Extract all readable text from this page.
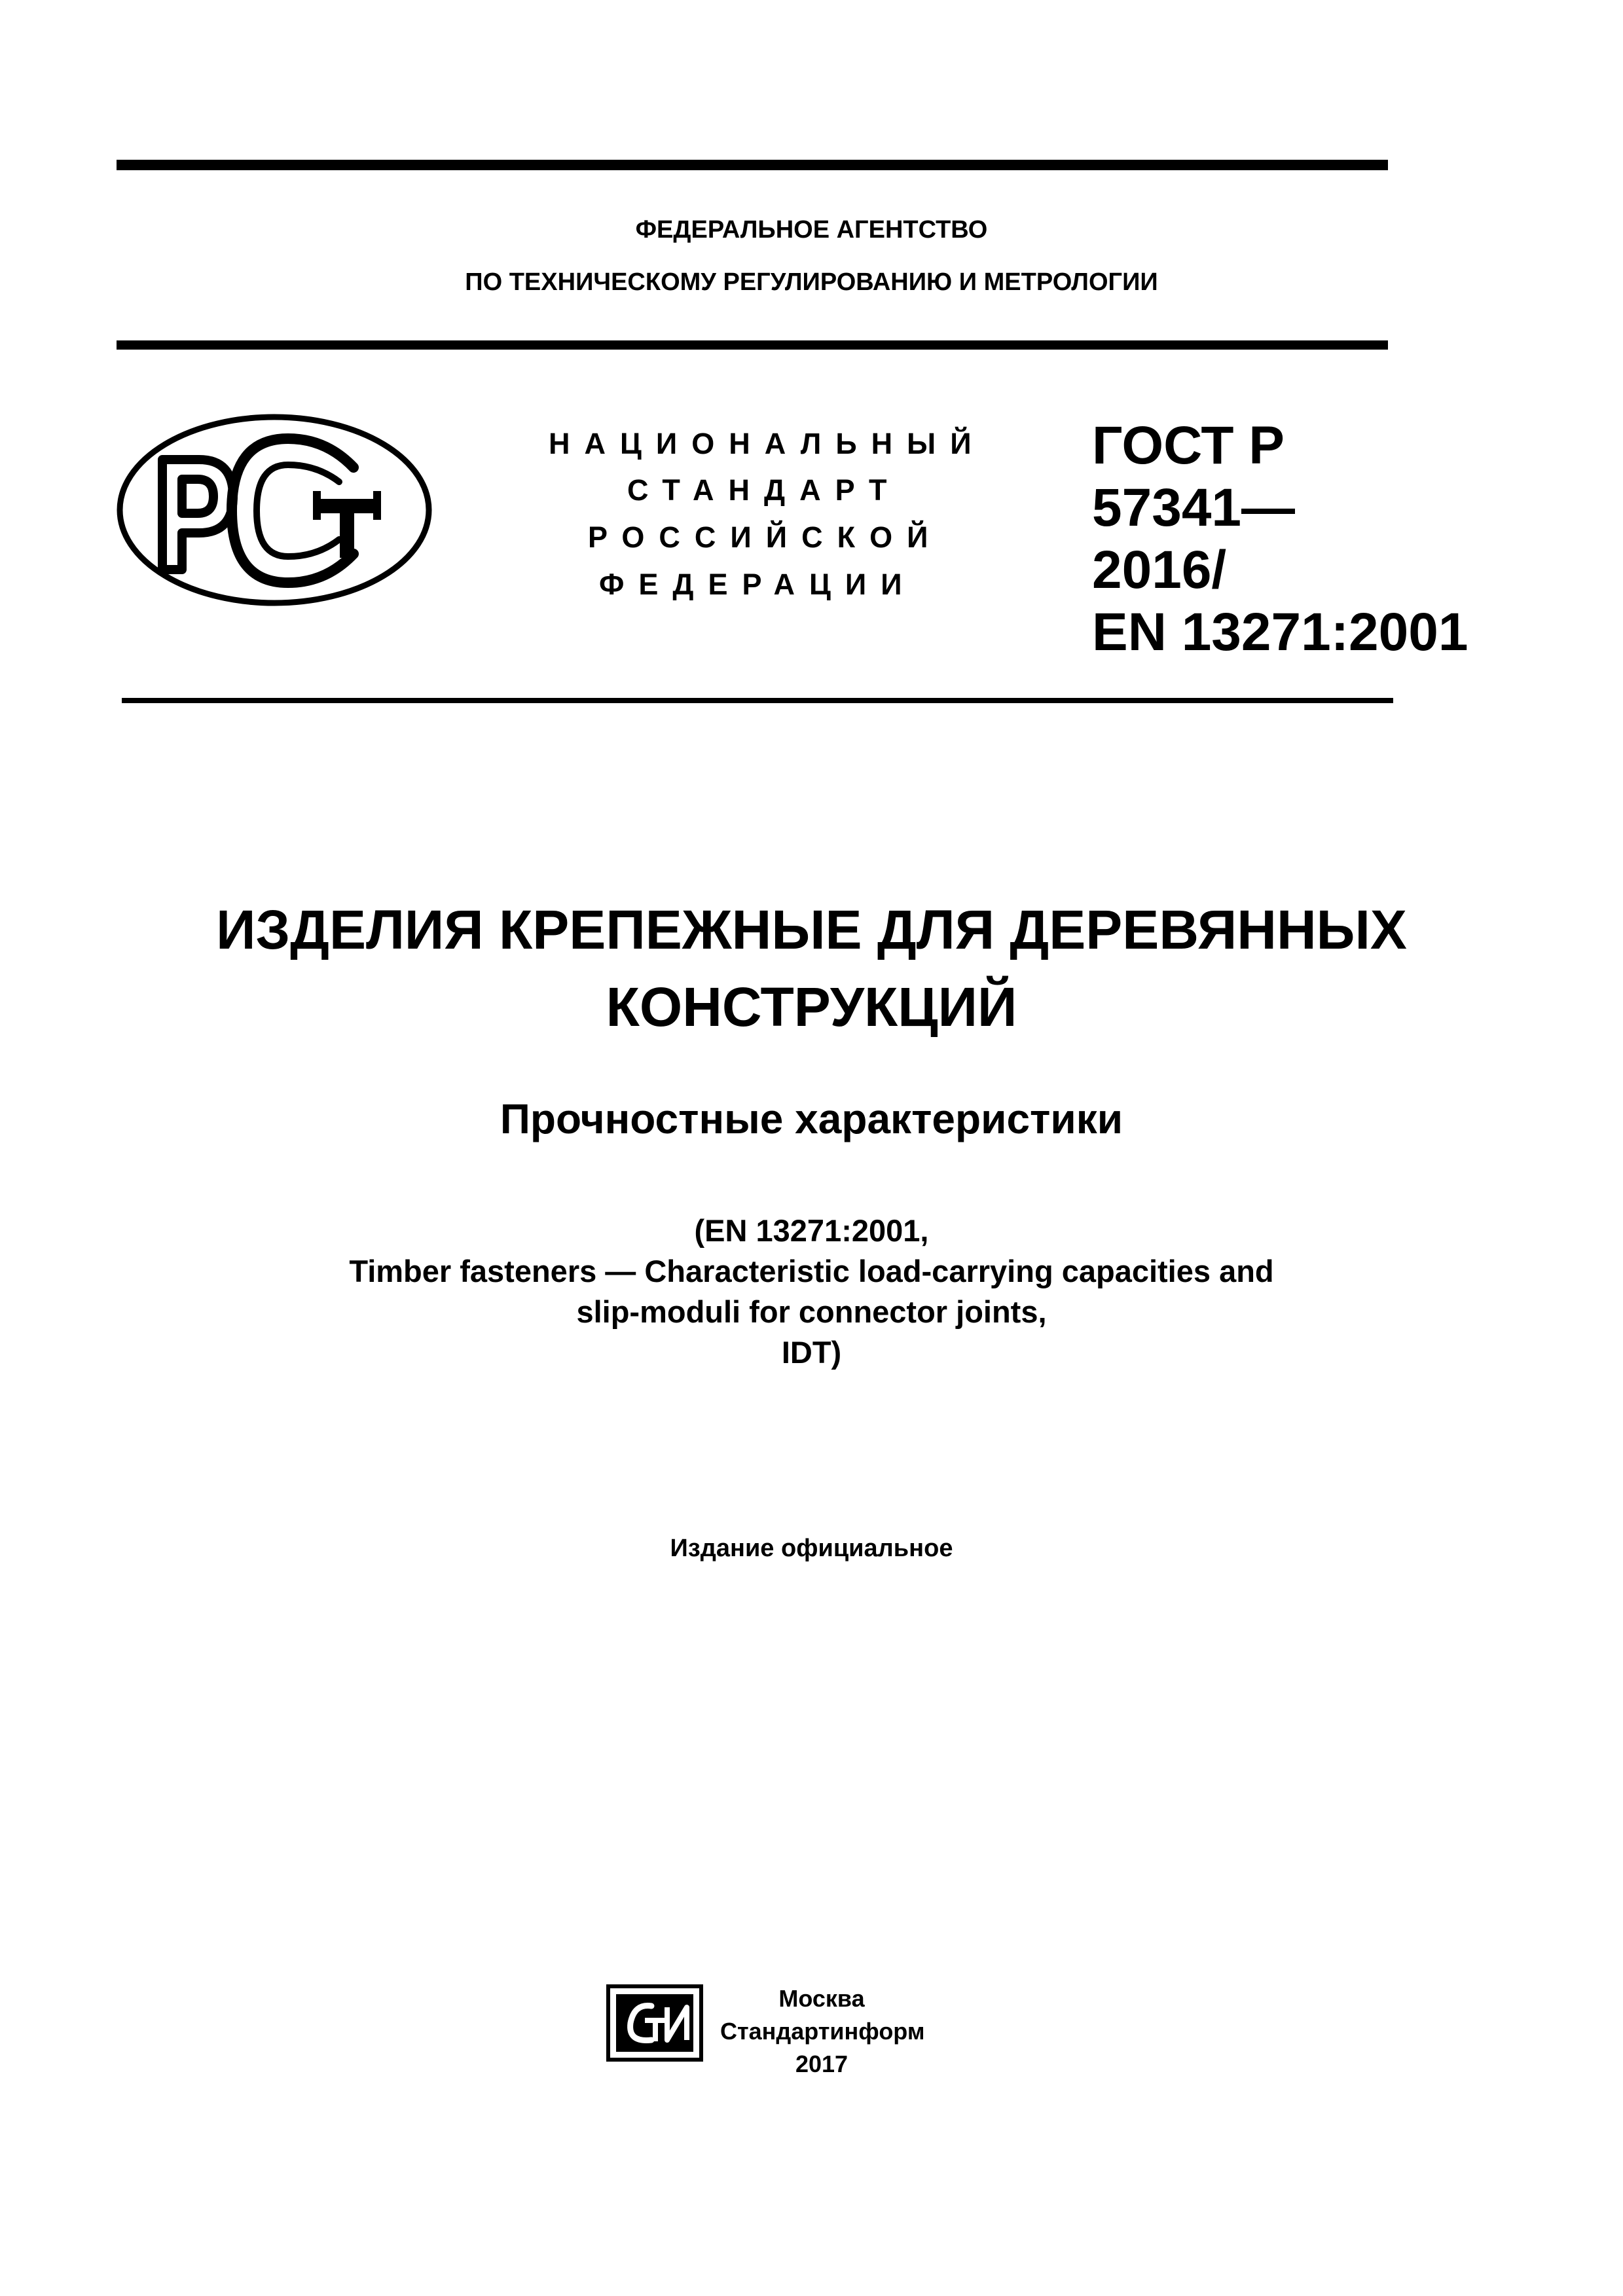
ФЕДЕРАЛЬНОЕ АГЕНТСТВО
ПО ТЕХНИЧЕСКОМУ РЕГУЛИРОВАНИЮ И МЕТРОЛОГИИ
НАЦИОНАЛЬНЫЙ
СТАНДАРТ
РОССИЙСКОЙ
ФЕДЕРАЦИИ
ГОСТ Р
57341—
2016/
EN 13271:2001
ИЗДЕЛИЯ КРЕПЕЖНЫЕ ДЛЯ ДЕРЕВЯННЫХ
КОНСТРУКЦИЙ
Прочностные характеристики
(EN 13271:2001,
Timber fasteners — Characteristic load-carrying capacities and
slip-moduli for connector joints,
IDT)
Издание официальное
Москва
Стандартинформ
2017
